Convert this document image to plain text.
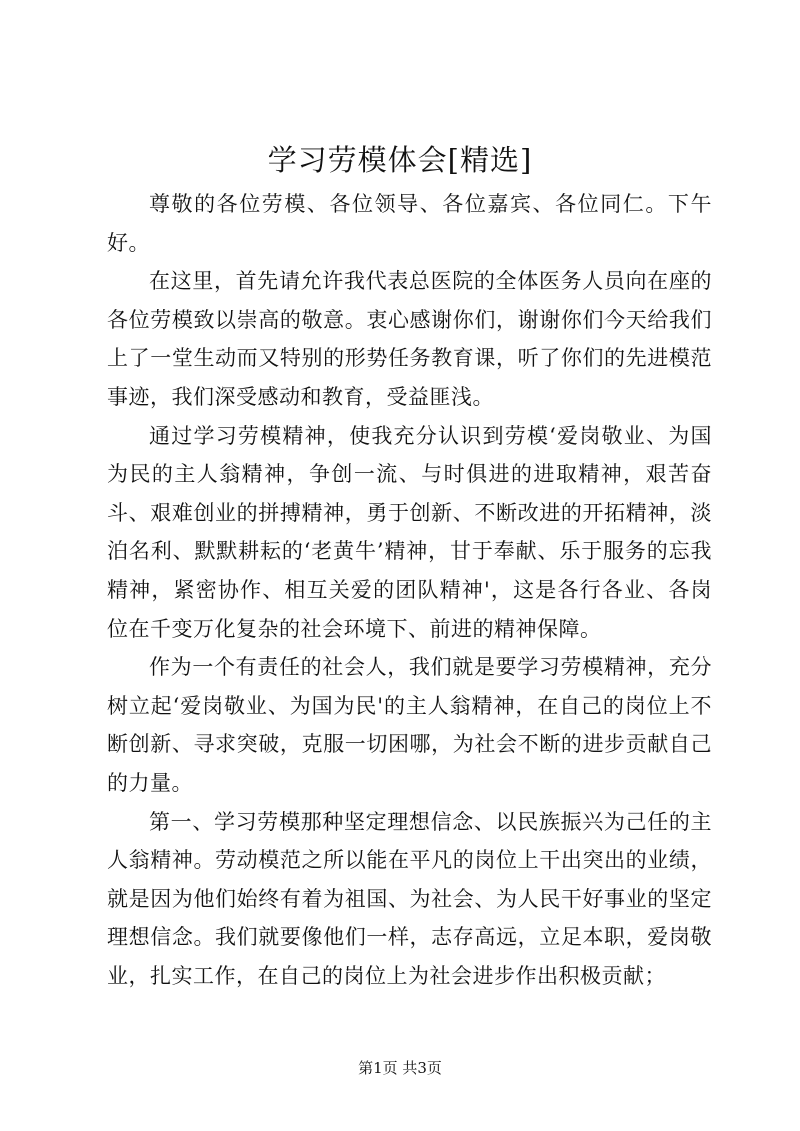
学习劳模体会[精选]

尊敬的各位劳模、各位领导、各位嘉宾、各位同仁。下午好。

在这里，首先请允许我代表总医院的全体医务人员向在座的各位劳模致以崇高的敬意。衷心感谢你们，谢谢你们今天给我们上了一堂生动而又特别的形势任务教育课，听了你们的先进模范事迹，我们深受感动和教育，受益匪浅。

通过学习劳模精神，使我充分认识到劳模‘爱岗敬业、为国为民的主人翁精神，争创一流、与时俱进的进取精神，艰苦奋斗、艰难创业的拼搏精神，勇于创新、不断改进的开拓精神，淡泊名利、默默耕耘的‘老黄牛’精神，甘于奉献、乐于服务的忘我精神，紧密协作、相互关爱的团队精神'，这是各行各业、各岗位在千变万化复杂的社会环境下、前进的精神保障。

作为一个有责任的社会人，我们就是要学习劳模精神，充分树立起‘爱岗敬业、为国为民'的主人翁精神，在自己的岗位上不断创新、寻求突破，克服一切困哪，为社会不断的进步贡献自己的力量。

第一、学习劳模那种坚定理想信念、以民族振兴为己任的主人翁精神。劳动模范之所以能在平凡的岗位上干出突出的业绩，就是因为他们始终有着为祖国、为社会、为人民干好事业的坚定理想信念。我们就要像他们一样，志存高远，立足本职，爱岗敬业，扎实工作，在自己的岗位上为社会进步作出积极贡献；

第1页 共3页
